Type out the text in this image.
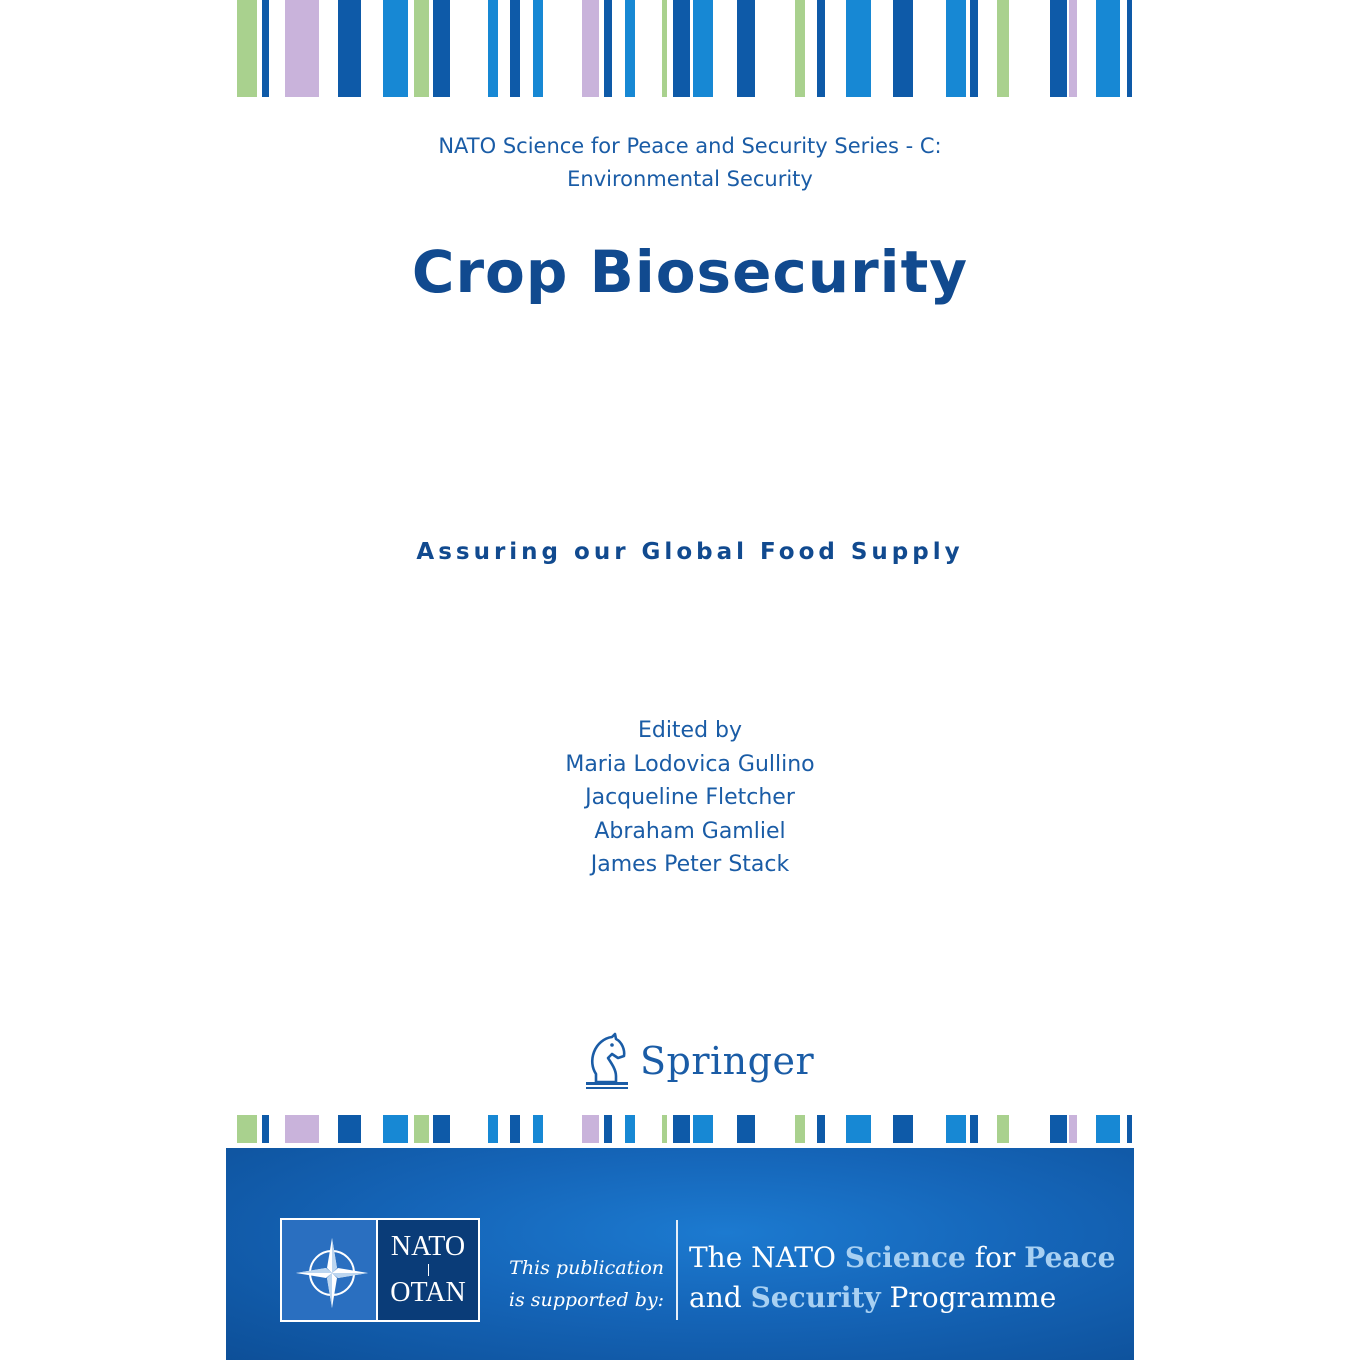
NATO Science for Peace and Security Series - C:
Environmental Security
Crop Biosecurity
Assuring our Global Food Supply
Edited by
Maria Lodovica Gullino
Jacqueline Fletcher
Abraham Gamliel
James Peter Stack
Springer
NATO
OTAN
This publication
is supported by:
The NATO Science for Peace
and Security Programme
